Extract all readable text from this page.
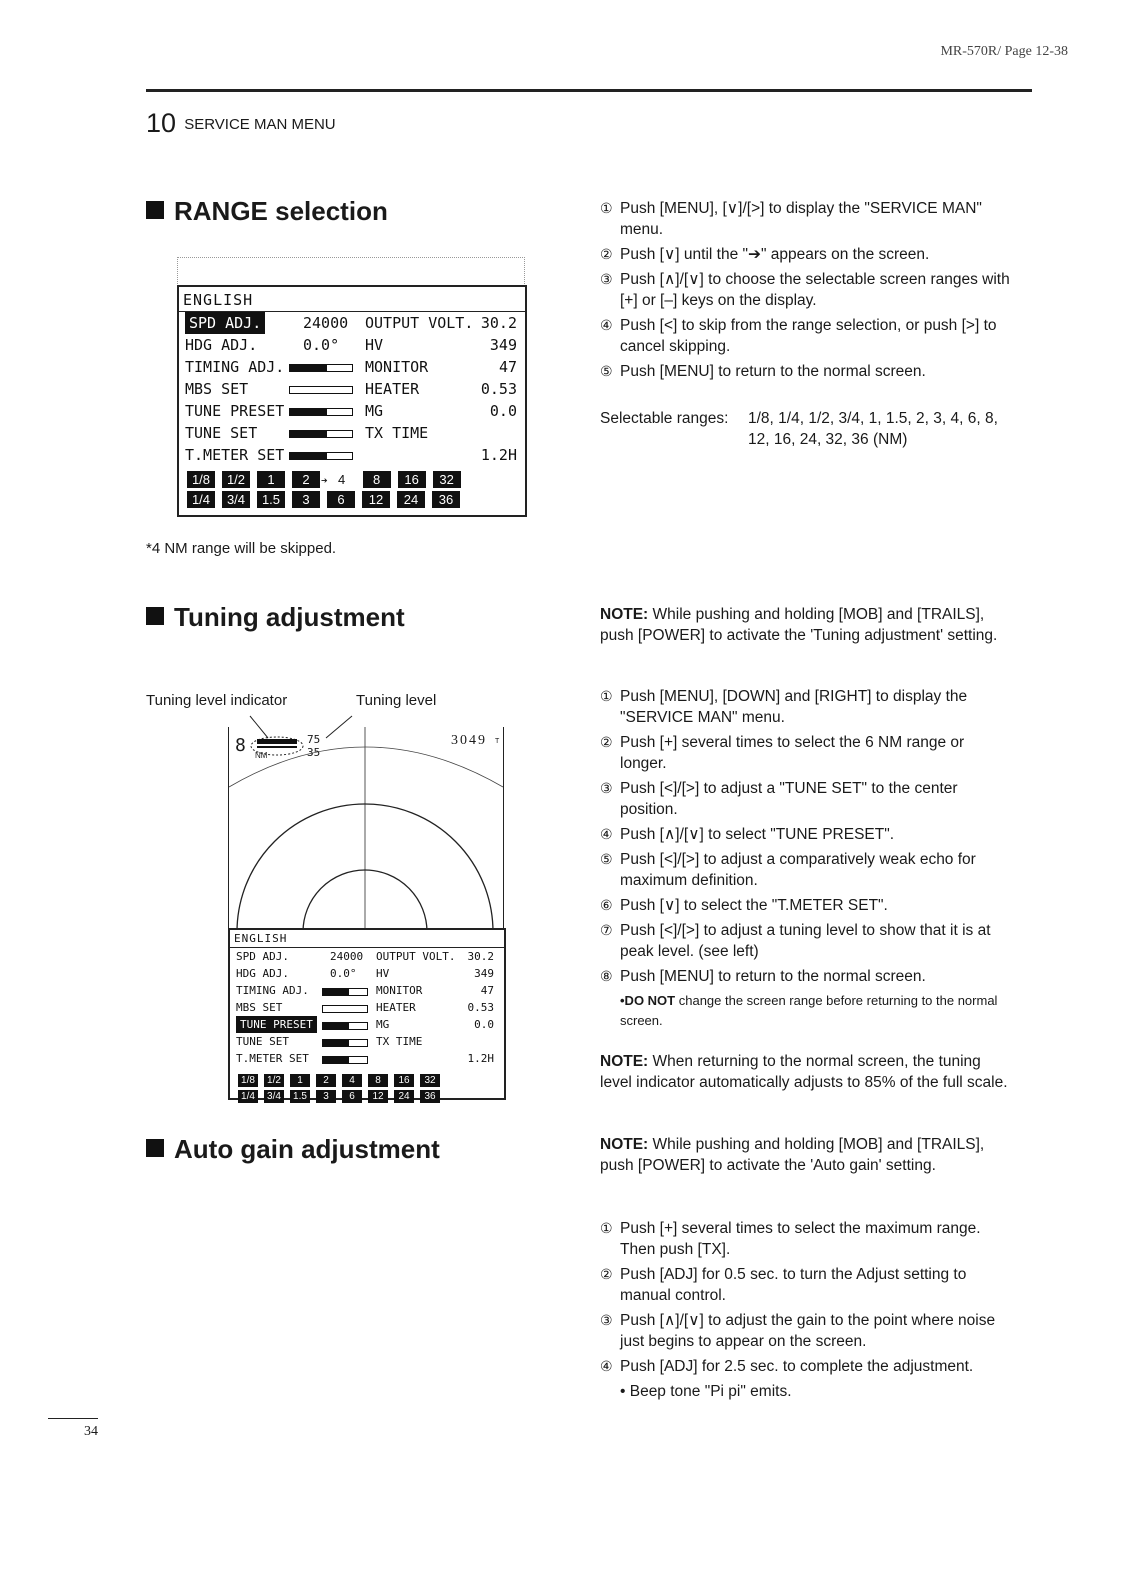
MR-570R/ Page 12-38
10 SERVICE MAN MENU
RANGE selection
ENGLISH
SPD ADJ.	24000 OUTPUT VOLT. 30.2
HDG ADJ.	0.0° HV	349
TIMING ADJ.	MONITOR	47
MBS SET	HEATER	0.53
TUNE PRESET	MG	0.0
TUNE SET	TX TIME
T.METER SET	1.2H
1/8 1/2 1 2 ➔ 4 8 16 32
1/4 3/4 1.5 3 6 12 24 36
*4 NM range will be skipped.
① Push [MENU], [∨]/[>] to display the "SERVICE MAN" menu.
② Push [∨] until the "➔" appears on the screen.
③ Push [∧]/[∨] to choose the selectable screen ranges with [+] or [–] keys on the display.
④ Push [<] to skip from the range selection, or push [>] to cancel skipping.
⑤ Push [MENU] to return to the normal screen.
Selectable ranges: 1/8, 1/4, 1/2, 3/4, 1, 1.5, 2, 3, 4, 6, 8, 12, 16, 24, 32, 36 (NM)
Tuning adjustment	NOTE: While pushing and holding [MOB] and [TRAILS], push [POWER] to activate the 'Tuning adjustment' setting.
Tuning level indicator	Tuning level
8 NM
75
35
3049 T
ENGLISH
SPD ADJ.	24000 OUTPUT VOLT. 30.2
HDG ADJ.	0.0° HV	349
TIMING ADJ.	MONITOR	47
MBS SET	HEATER	0.53
TUNE PRESET	MG	0.0
TUNE SET	TX TIME
T.METER SET	1.2H
1/8 1/2 1 2 4 8 16 32
1/4 3/4 1.5 3 6 12 24 36
① Push [MENU], [DOWN] and [RIGHT] to display the "SERVICE MAN" menu.
② Push [+] several times to select the 6 NM range or longer.
③ Push [<]/[>] to adjust a "TUNE SET" to the center position.
④ Push [∧]/[∨] to select "TUNE PRESET".
⑤ Push [<]/[>] to adjust a comparatively weak echo for maximum definition.
⑥ Push [∨] to select the "T.METER SET".
⑦ Push [<]/[>] to adjust a tuning level to show that it is at peak level. (see left)
⑧ Push [MENU] to return to the normal screen.
•DO NOT change the screen range before returning to the normal screen.
NOTE: When returning to the normal screen, the tuning level indicator automatically adjusts to 85% of the full scale.
Auto gain adjustment	NOTE: While pushing and holding [MOB] and [TRAILS], push [POWER] to activate the 'Auto gain' setting.
① Push [+] several times to select the maximum range. Then push [TX].
② Push [ADJ] for 0.5 sec. to turn the Adjust setting to manual control.
③ Push [∧]/[∨] to adjust the gain to the point where noise just begins to appear on the screen.
④ Push [ADJ] for 2.5 sec. to complete the adjustment.
• Beep tone "Pi pi" emits.
34
